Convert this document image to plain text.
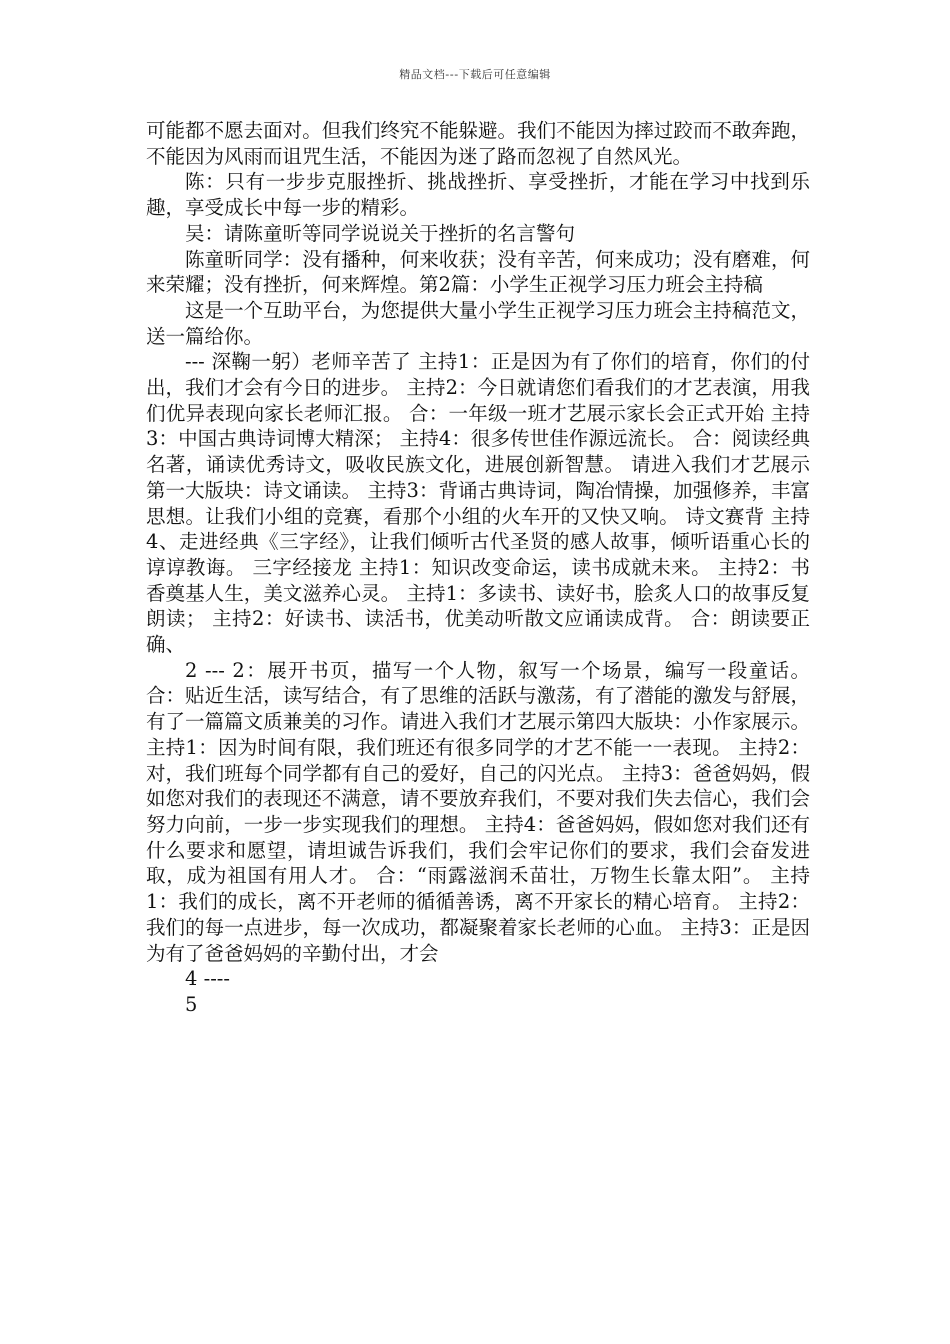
精品文档---下载后可任意编辑

可能都不愿去面对。但我们终究不能躲避。我们不能因为摔过跤而不敢奔跑，不能因为风雨而诅咒生活，不能因为迷了路而忽视了自然风光。

陈：只有一步步克服挫折、挑战挫折、享受挫折，才能在学习中找到乐趣，享受成长中每一步的精彩。

吴：请陈童昕等同学说说关于挫折的名言警句

陈童昕同学：没有播种，何来收获；没有辛苦，何来成功；没有磨难，何来荣耀；没有挫折，何来辉煌。第2篇：小学生正视学习压力班会主持稿

这是一个互助平台，为您提供大量小学生正视学习压力班会主持稿范文，送一篇给你。

--- 深鞠一躬）老师辛苦了 主持1：正是因为有了你们的培育，你们的付出，我们才会有今日的进步。 主持2：今日就请您们看我们的才艺表演，用我们优异表现向家长老师汇报。 合：一年级一班才艺展示家长会正式开始 主持3：中国古典诗词博大精深； 主持4：很多传世佳作源远流长。 合：阅读经典名著，诵读优秀诗文，吸收民族文化，进展创新智慧。 请进入我们才艺展示第一大版块：诗文诵读。 主持3：背诵古典诗词，陶冶情操，加强修养，丰富思想。让我们小组的竞赛，看那个小组的火车开的又快又响。 诗文赛背 主持4、走进经典《三字经》，让我们倾听古代圣贤的感人故事，倾听语重心长的谆谆教诲。 三字经接龙 主持1：知识改变命运，读书成就未来。 主持2：书香奠基人生，美文滋养心灵。 主持1：多读书、读好书，脍炙人口的故事反复朗读； 主持2：好读书、读活书，优美动听散文应诵读成背。 合：朗读要正确、

2 --- 2：展开书页，描写一个人物，叙写一个场景，编写一段童话。 合：贴近生活，读写结合，有了思维的活跃与激荡，有了潜能的激发与舒展，有了一篇篇文质兼美的习作。请进入我们才艺展示第四大版块：小作家展示。 主持1：因为时间有限，我们班还有很多同学的才艺不能一一表现。 主持2：对，我们班每个同学都有自己的爱好，自己的闪光点。 主持3：爸爸妈妈，假如您对我们的表现还不满意，请不要放弃我们，不要对我们失去信心，我们会努力向前，一步一步实现我们的理想。 主持4：爸爸妈妈，假如您对我们还有什么要求和愿望，请坦诚告诉我们，我们会牢记你们的要求，我们会奋发进取，成为祖国有用人才。 合：“雨露滋润禾苗壮，万物生长靠太阳”。 主持1：我们的成长，离不开老师的循循善诱，离不开家长的精心培育。 主持2：我们的每一点进步，每一次成功，都凝聚着家长老师的心血。 主持3：正是因为有了爸爸妈妈的辛勤付出，才会

4 ----

5
